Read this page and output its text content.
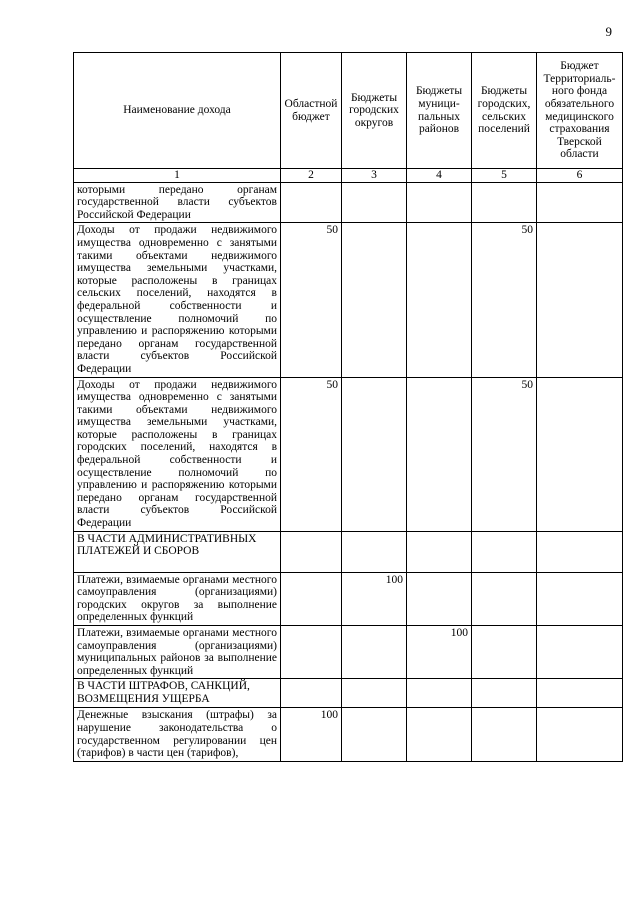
9
Наименование дохода	Областной бюджет	Бюджеты городских округов	Бюджеты муници-пальных районов	Бюджеты городских, сельских поселений	Бюджет Территориаль-ного фонда обязательного медицинского страхования Тверской области
1	2	3	4	5	6
которыми передано органам государственной власти субъектов Российской Федерации					
Доходы от продажи недвижимого имущества одновременно с занятыми такими объектами недвижимого имущества земельными участками, которые расположены в границах сельских поселений, находятся в федеральной собственности и осуществление полномочий по управлению и распоряжению которыми передано органам государственной власти субъектов Российской Федерации	50			50	
Доходы от продажи недвижимого имущества одновременно с занятыми такими объектами недвижимого имущества земельными участками, которые расположены в границах городских поселений, находятся в федеральной собственности и осуществление полномочий по управлению и распоряжению которыми передано органам государственной власти субъектов Российской Федерации	50			50	
В ЧАСТИ АДМИНИСТРАТИВНЫХ ПЛАТЕЖЕЙ И СБОРОВ					
Платежи, взимаемые органами местного самоуправления (организациями) городских округов за выполнение определенных функций		100			
Платежи, взимаемые органами местного самоуправления (организациями) муниципальных районов за выполнение определенных функций			100		
В ЧАСТИ ШТРАФОВ, САНКЦИЙ, ВОЗМЕЩЕНИЯ УЩЕРБА					
Денежные взыскания (штрафы) за нарушение законодательства о государственном регулировании цен (тарифов) в части цен (тарифов),	100				
